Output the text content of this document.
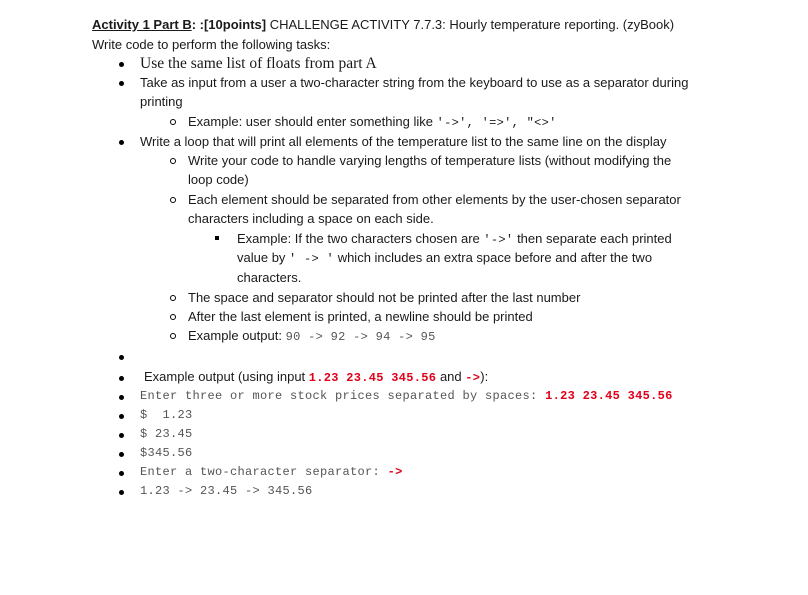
Activity 1 Part B: :[10points] CHALLENGE ACTIVITY 7.7.3: Hourly temperature reporting. (zyBook)
Write code to perform the following tasks:
Use the same list of floats from part A
Take as input from a user a two-character string from the keyboard to use as a separator during
printing
Example: user should enter something like '->', '=>', "<>'
Write a loop that will print all elements of the temperature list to the same line on the display
Write your code to handle varying lengths of temperature lists (without modifying the
loop code)
Each element should be separated from other elements by the user-chosen separator
characters including a space on each side.
Example: If the two characters chosen are '->' then separate each printed
value by ' -> ' which includes an extra space before and after the two
characters.
The space and separator should not be printed after the last number
After the last element is printed, a newline should be printed
Example output: 90 -> 92 -> 94 -> 95
Example output (using input 1.23 23.45 345.56 and ->):
Enter three or more stock prices separated by spaces: 1.23 23.45 345.56
$  1.23
$ 23.45
$345.56
Enter a two-character separator: ->
1.23 -> 23.45 -> 345.56
